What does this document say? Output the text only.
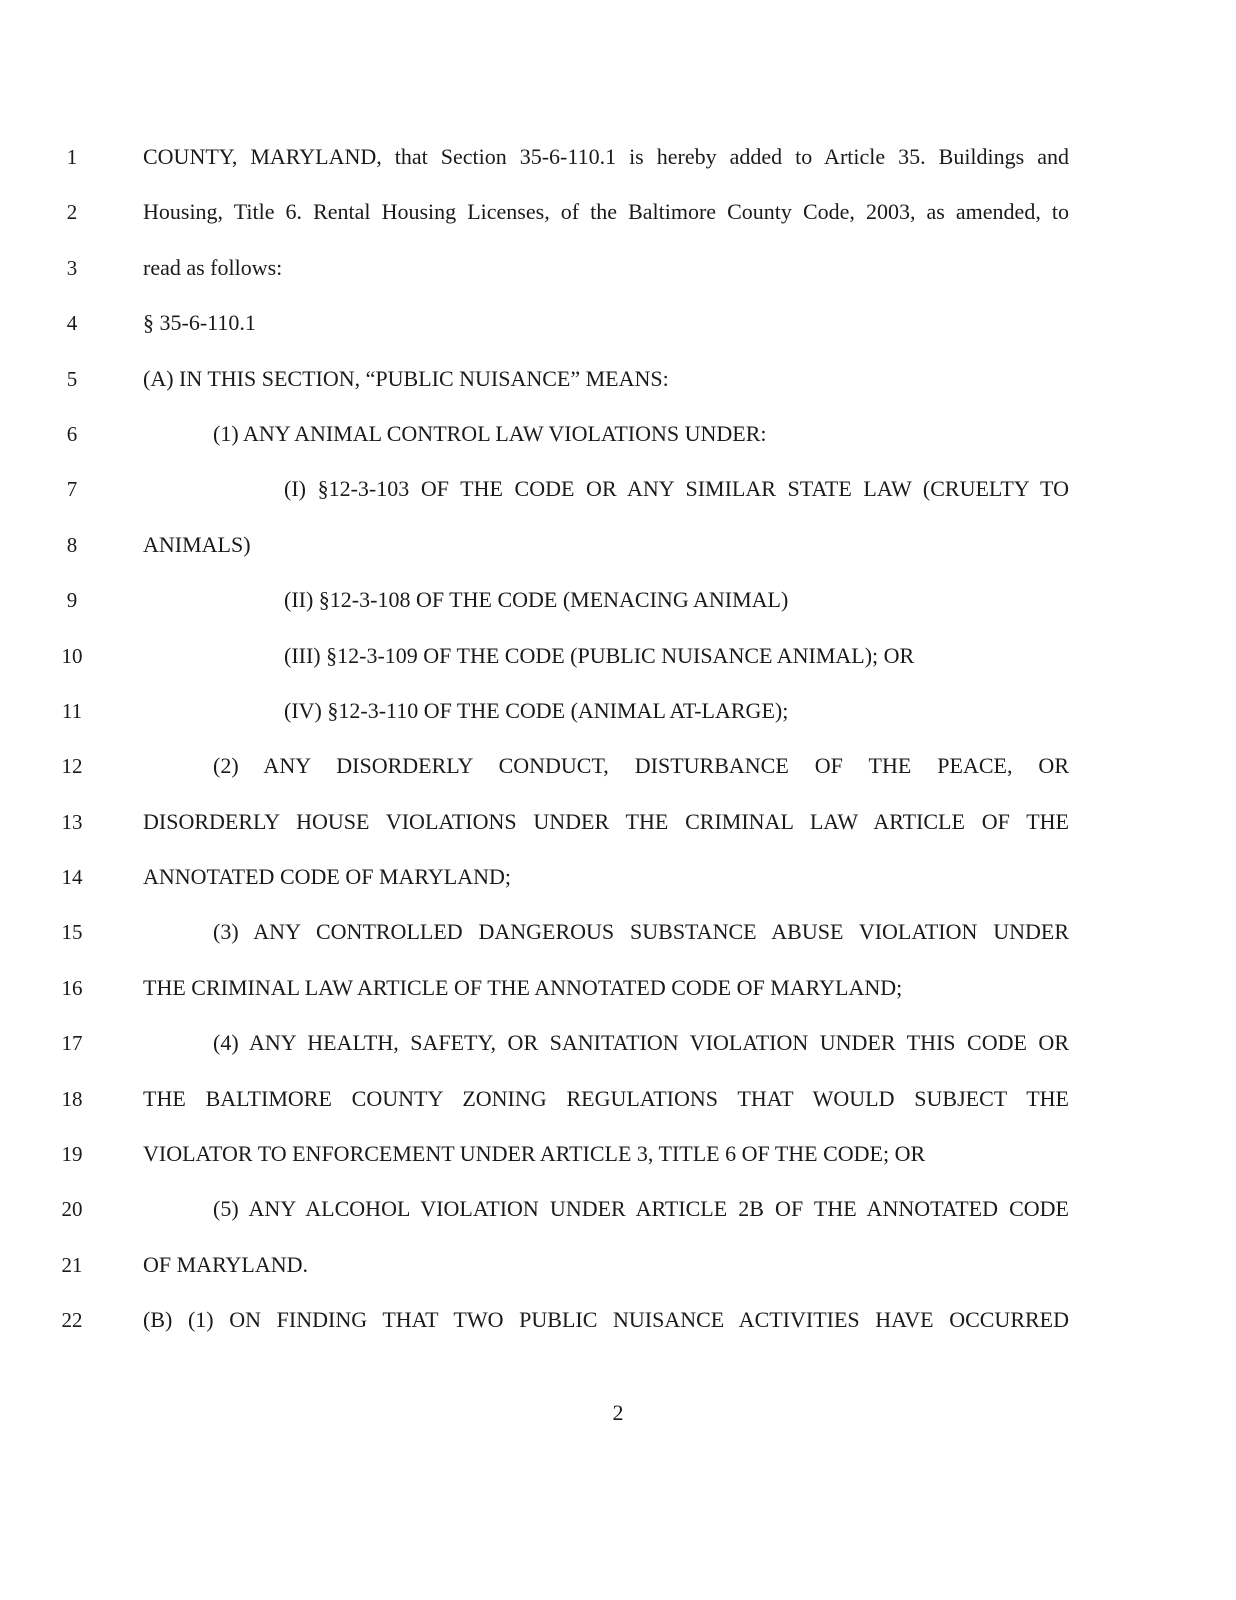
1	COUNTY, MARYLAND, that Section 35-6-110.1 is hereby added to Article 35. Buildings and
2	Housing, Title 6. Rental Housing Licenses, of the Baltimore County Code, 2003, as amended, to
3	read as follows:
4	§ 35-6-110.1
5	(A) IN THIS SECTION, “PUBLIC NUISANCE” MEANS:
6	(1) ANY ANIMAL CONTROL LAW VIOLATIONS UNDER:
7	(I) §12-3-103 OF THE CODE OR ANY SIMILAR STATE LAW (CRUELTY TO
8	ANIMALS)
9	(II) §12-3-108 OF THE CODE (MENACING ANIMAL)
10	(III) §12-3-109 OF THE CODE (PUBLIC NUISANCE ANIMAL); OR
11	(IV) §12-3-110 OF THE CODE (ANIMAL AT-LARGE);
12	(2) ANY DISORDERLY CONDUCT, DISTURBANCE OF THE PEACE, OR
13	DISORDERLY HOUSE VIOLATIONS UNDER THE CRIMINAL LAW ARTICLE OF THE
14	ANNOTATED CODE OF MARYLAND;
15	(3) ANY CONTROLLED DANGEROUS SUBSTANCE ABUSE VIOLATION UNDER
16	THE CRIMINAL LAW ARTICLE OF THE ANNOTATED CODE OF MARYLAND;
17	(4) ANY HEALTH, SAFETY, OR SANITATION VIOLATION UNDER THIS CODE OR
18	THE BALTIMORE COUNTY ZONING REGULATIONS THAT WOULD SUBJECT THE
19	VIOLATOR TO ENFORCEMENT UNDER ARTICLE 3, TITLE 6 OF THE CODE; OR
20	(5) ANY ALCOHOL VIOLATION UNDER ARTICLE 2B OF THE ANNOTATED CODE
21	OF MARYLAND.
22	(B) (1) ON FINDING THAT TWO PUBLIC NUISANCE ACTIVITIES HAVE OCCURRED
2
